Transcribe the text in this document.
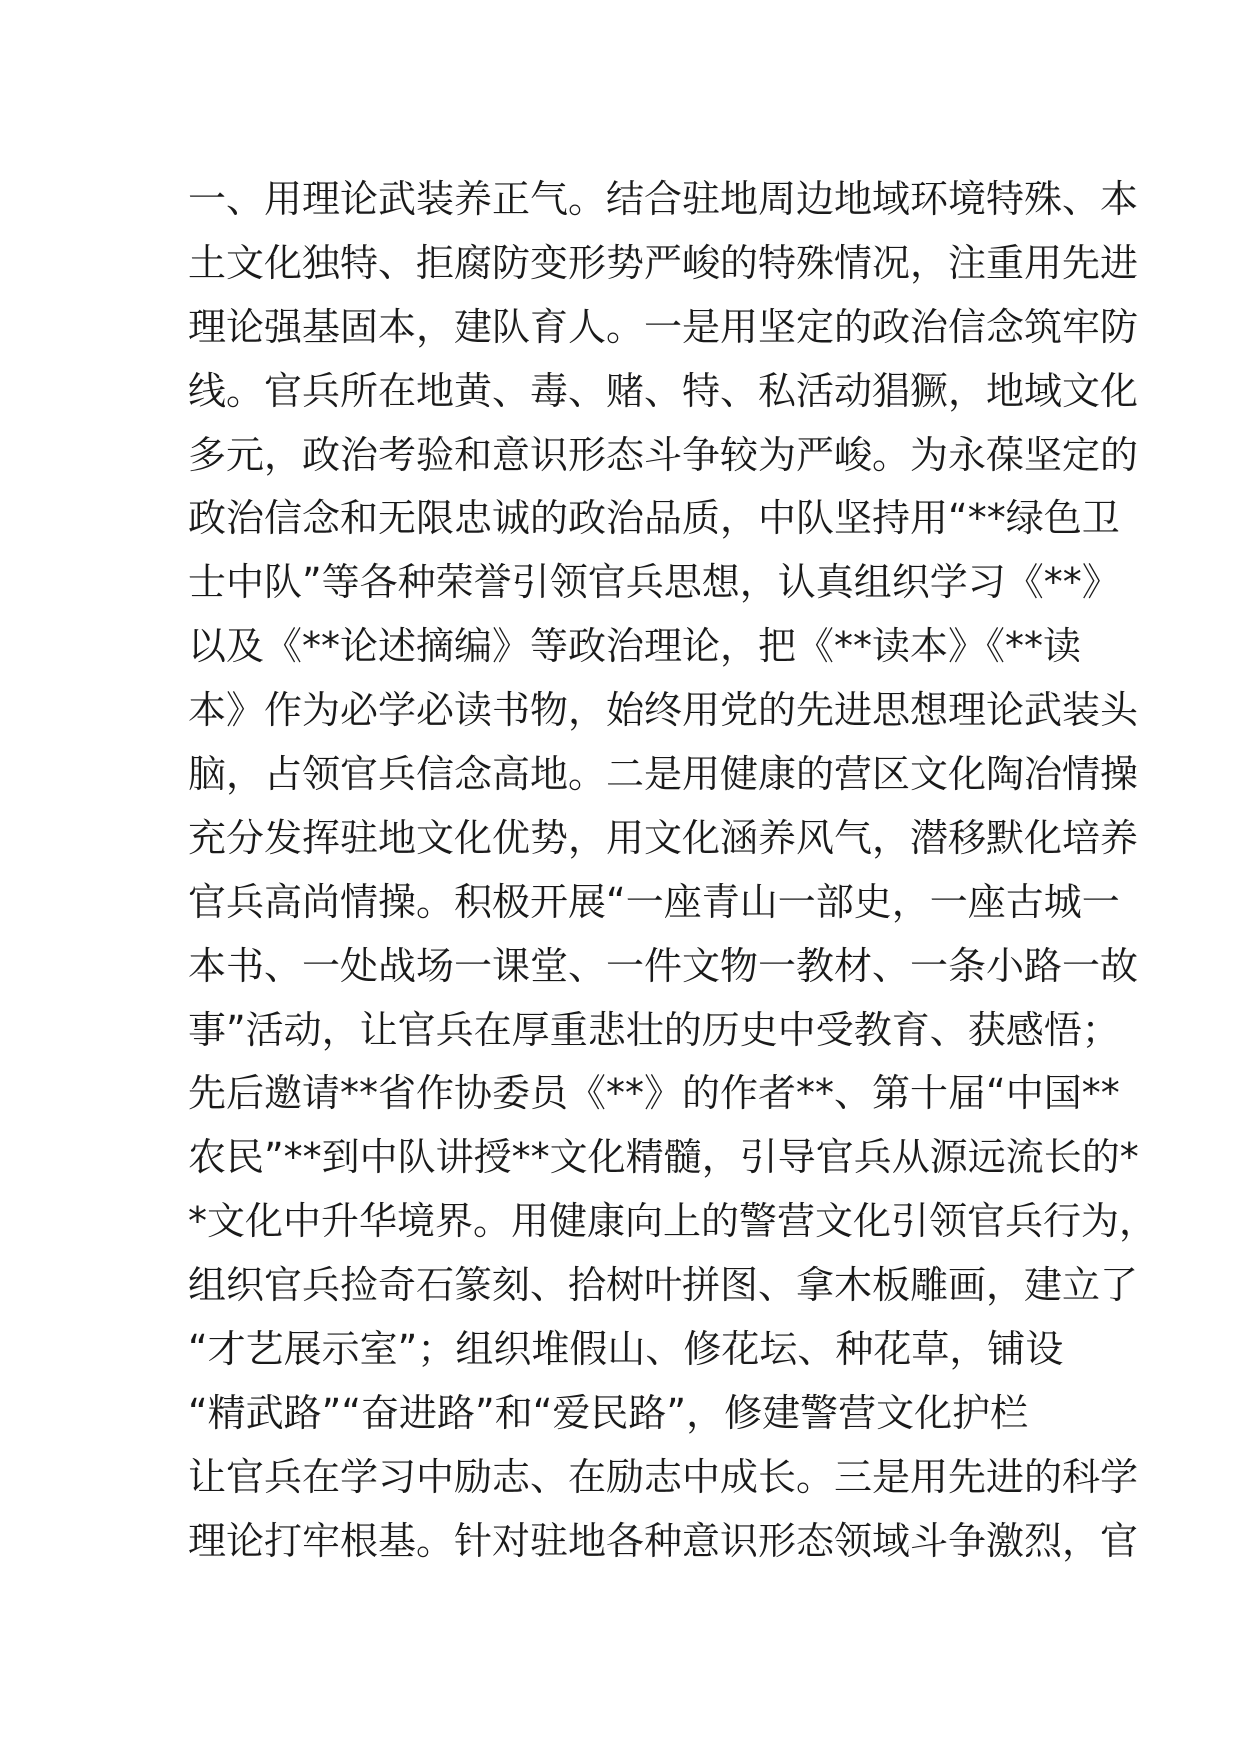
一、用理论武装养正气。结合驻地周边地域环境特殊、本
土文化独特、拒腐防变形势严峻的特殊情况，注重用先进
理论强基固本，建队育人。一是用坚定的政治信念筑牢防
线。官兵所在地黄、毒、赌、特、私活动猖獗，地域文化
多元，政治考验和意识形态斗争较为严峻。为永葆坚定的
政治信念和无限忠诚的政治品质，中队坚持用“**绿色卫
士中队”等各种荣誉引领官兵思想，认真组织学习《**》
以及《**论述摘编》等政治理论，把《**读本》《**读
本》作为必学必读书物，始终用党的先进思想理论武装头
脑，占领官兵信念高地。二是用健康的营区文化陶冶情操
充分发挥驻地文化优势，用文化涵养风气，潜移默化培养
官兵高尚情操。积极开展“一座青山一部史，一座古城一
本书、一处战场一课堂、一件文物一教材、一条小路一故
事”活动，让官兵在厚重悲壮的历史中受教育、获感悟；
先后邀请**省作协委员《**》的作者**、第十届“中国**
农民”**到中队讲授**文化精髓，引导官兵从源远流长的*
*文化中升华境界。用健康向上的警营文化引领官兵行为，
组织官兵捡奇石篆刻、拾树叶拼图、拿木板雕画，建立了
“才艺展示室”；组织堆假山、修花坛、种花草，铺设
“精武路”“奋进路”和“爱民路”，修建警营文化护栏
让官兵在学习中励志、在励志中成长。三是用先进的科学
理论打牢根基。针对驻地各种意识形态领域斗争激烈，官
